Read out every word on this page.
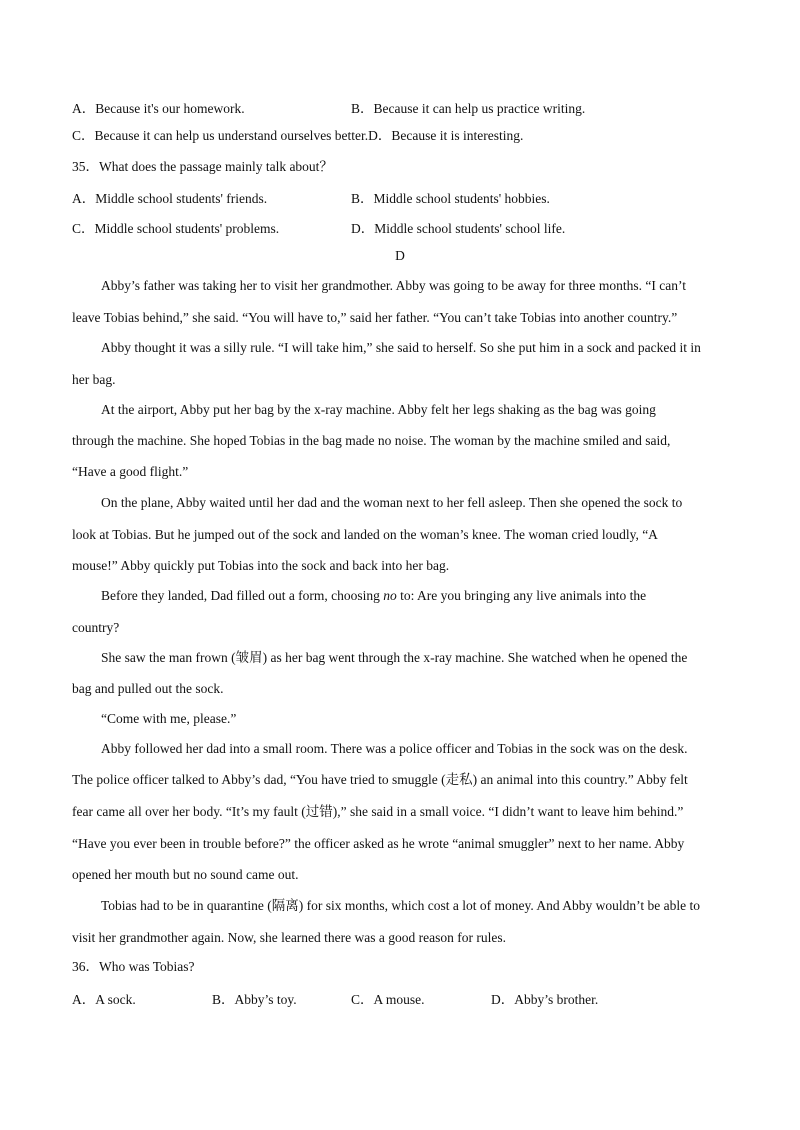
A．Because it's our homework.	B．Because it can help us practice writing.
C．Because it can help us understand ourselves better.D．Because it is interesting.
35．What does the passage mainly talk about？
A．Middle school students' friends.	B．Middle school students' hobbies.
C．Middle school students' problems.	D．Middle school students' school life.
D
Abby’s father was taking her to visit her grandmother. Abby was going to be away for three months. “I can’t
leave Tobias behind,” she said. “You will have to,” said her father. “You can’t take Tobias into another country.”
Abby thought it was a silly rule. “I will take him,” she said to herself. So she put him in a sock and packed it in
her bag.
At the airport, Abby put her bag by the x-ray machine. Abby felt her legs shaking as the bag was going
through the machine. She hoped Tobias in the bag made no noise. The woman by the machine smiled and said,
“Have a good flight.”
On the plane, Abby waited until her dad and the woman next to her fell asleep. Then she opened the sock to
look at Tobias. But he jumped out of the sock and landed on the woman’s knee. The woman cried loudly, “A
mouse!” Abby quickly put Tobias into the sock and back into her bag.
Before they landed, Dad filled out a form, choosing no to: Are you bringing any live animals into the
country?
She saw the man frown (皱眉) as her bag went through the x-ray machine. She watched when he opened the
bag and pulled out the sock.
“Come with me, please.”
Abby followed her dad into a small room. There was a police officer and Tobias in the sock was on the desk.
The police officer talked to Abby’s dad, “You have tried to smuggle (走私) an animal into this country.” Abby felt
fear came all over her body. “It’s my fault (过错),” she said in a small voice. “I didn’t want to leave him behind.”
“Have you ever been in trouble before?” the officer asked as he wrote “animal smuggler” next to her name. Abby
opened her mouth but no sound came out.
Tobias had to be in quarantine (隔离) for six months, which cost a lot of money. And Abby wouldn’t be able to
visit her grandmother again. Now, she learned there was a good reason for rules.
36．Who was Tobias?
A．A sock.	B．Abby’s toy.	C．A mouse.	D．Abby’s brother.
